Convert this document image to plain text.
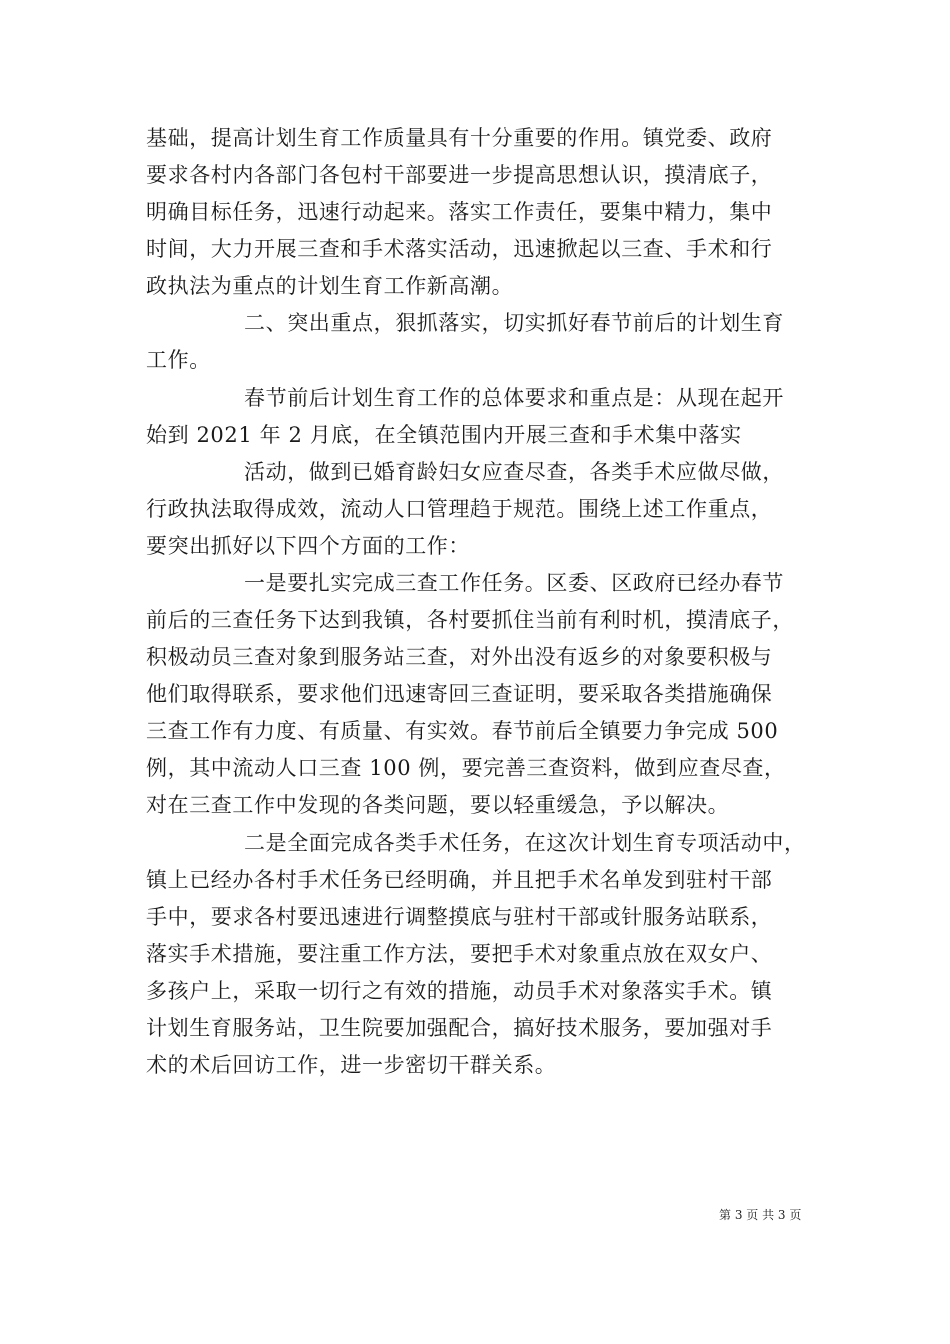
基础，提高计划生育工作质量具有十分重要的作用。镇党委、政府
要求各村内各部门各包村干部要进一步提高思想认识，摸清底子，
明确目标任务，迅速行动起来。落实工作责任，要集中精力，集中
时间，大力开展三查和手术落实活动，迅速掀起以三查、手术和行
政执法为重点的计划生育工作新高潮。
二、突出重点，狠抓落实，切实抓好春节前后的计划生育
工作。
春节前后计划生育工作的总体要求和重点是：从现在起开
始到 2021 年 2 月底，在全镇范围内开展三查和手术集中落实
活动，做到已婚育龄妇女应查尽查，各类手术应做尽做，
行政执法取得成效，流动人口管理趋于规范。围绕上述工作重点，
要突出抓好以下四个方面的工作：
一是要扎实完成三查工作任务。区委、区政府已经办春节
前后的三查任务下达到我镇，各村要抓住当前有利时机，摸清底子，
积极动员三查对象到服务站三查，对外出没有返乡的对象要积极与
他们取得联系，要求他们迅速寄回三查证明，要采取各类措施确保
三查工作有力度、有质量、有实效。春节前后全镇要力争完成 500
例，其中流动人口三查 100 例，要完善三查资料，做到应查尽查，
对在三查工作中发现的各类问题，要以轻重缓急，予以解决。
二是全面完成各类手术任务，在这次计划生育专项活动中，
镇上已经办各村手术任务已经明确，并且把手术名单发到驻村干部
手中，要求各村要迅速进行调整摸底与驻村干部或针服务站联系，
落实手术措施，要注重工作方法，要把手术对象重点放在双女户、
多孩户上，采取一切行之有效的措施，动员手术对象落实手术。镇
计划生育服务站，卫生院要加强配合，搞好技术服务，要加强对手
术的术后回访工作，进一步密切干群关系。
第 3 页 共 3 页
